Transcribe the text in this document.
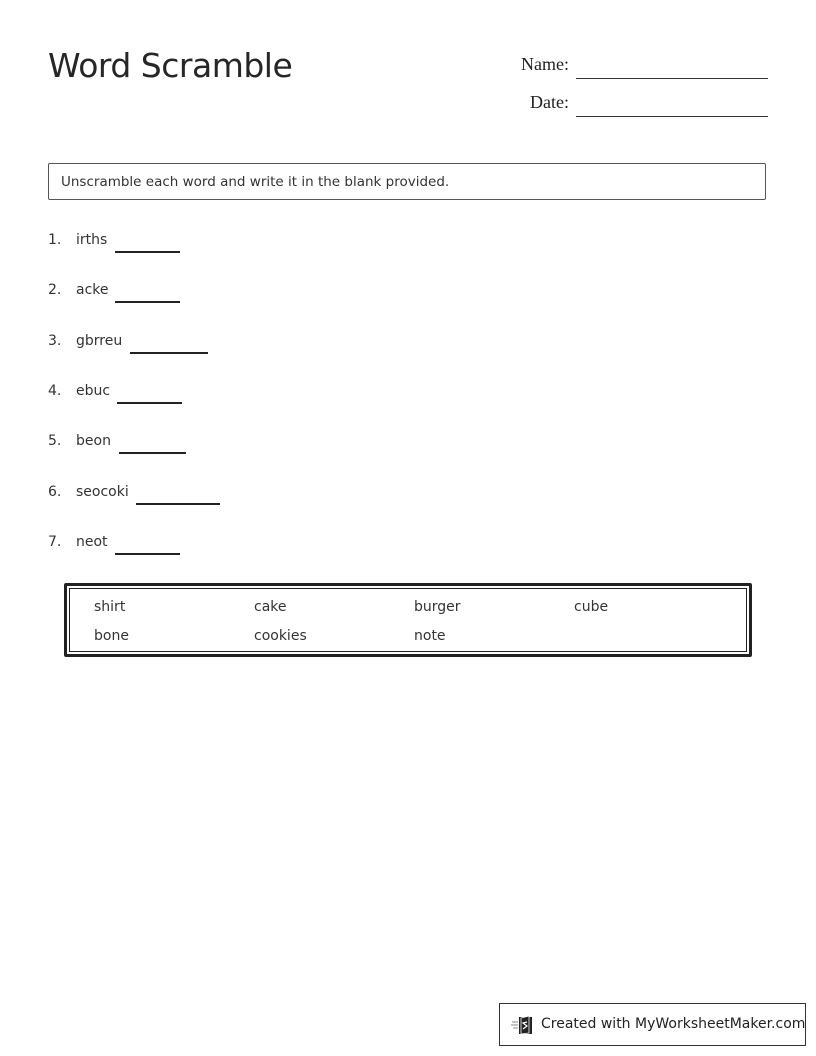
Word Scramble	Name:
Date:
Unscramble each word and write it in the blank provided.
1. irths
2. acke
3. gbrreu
4. ebuc
5. beon
6. seocoki
7. neot
shirt	cake	burger	cube
bone	cookies	note
Created with MyWorksheetMaker.com
